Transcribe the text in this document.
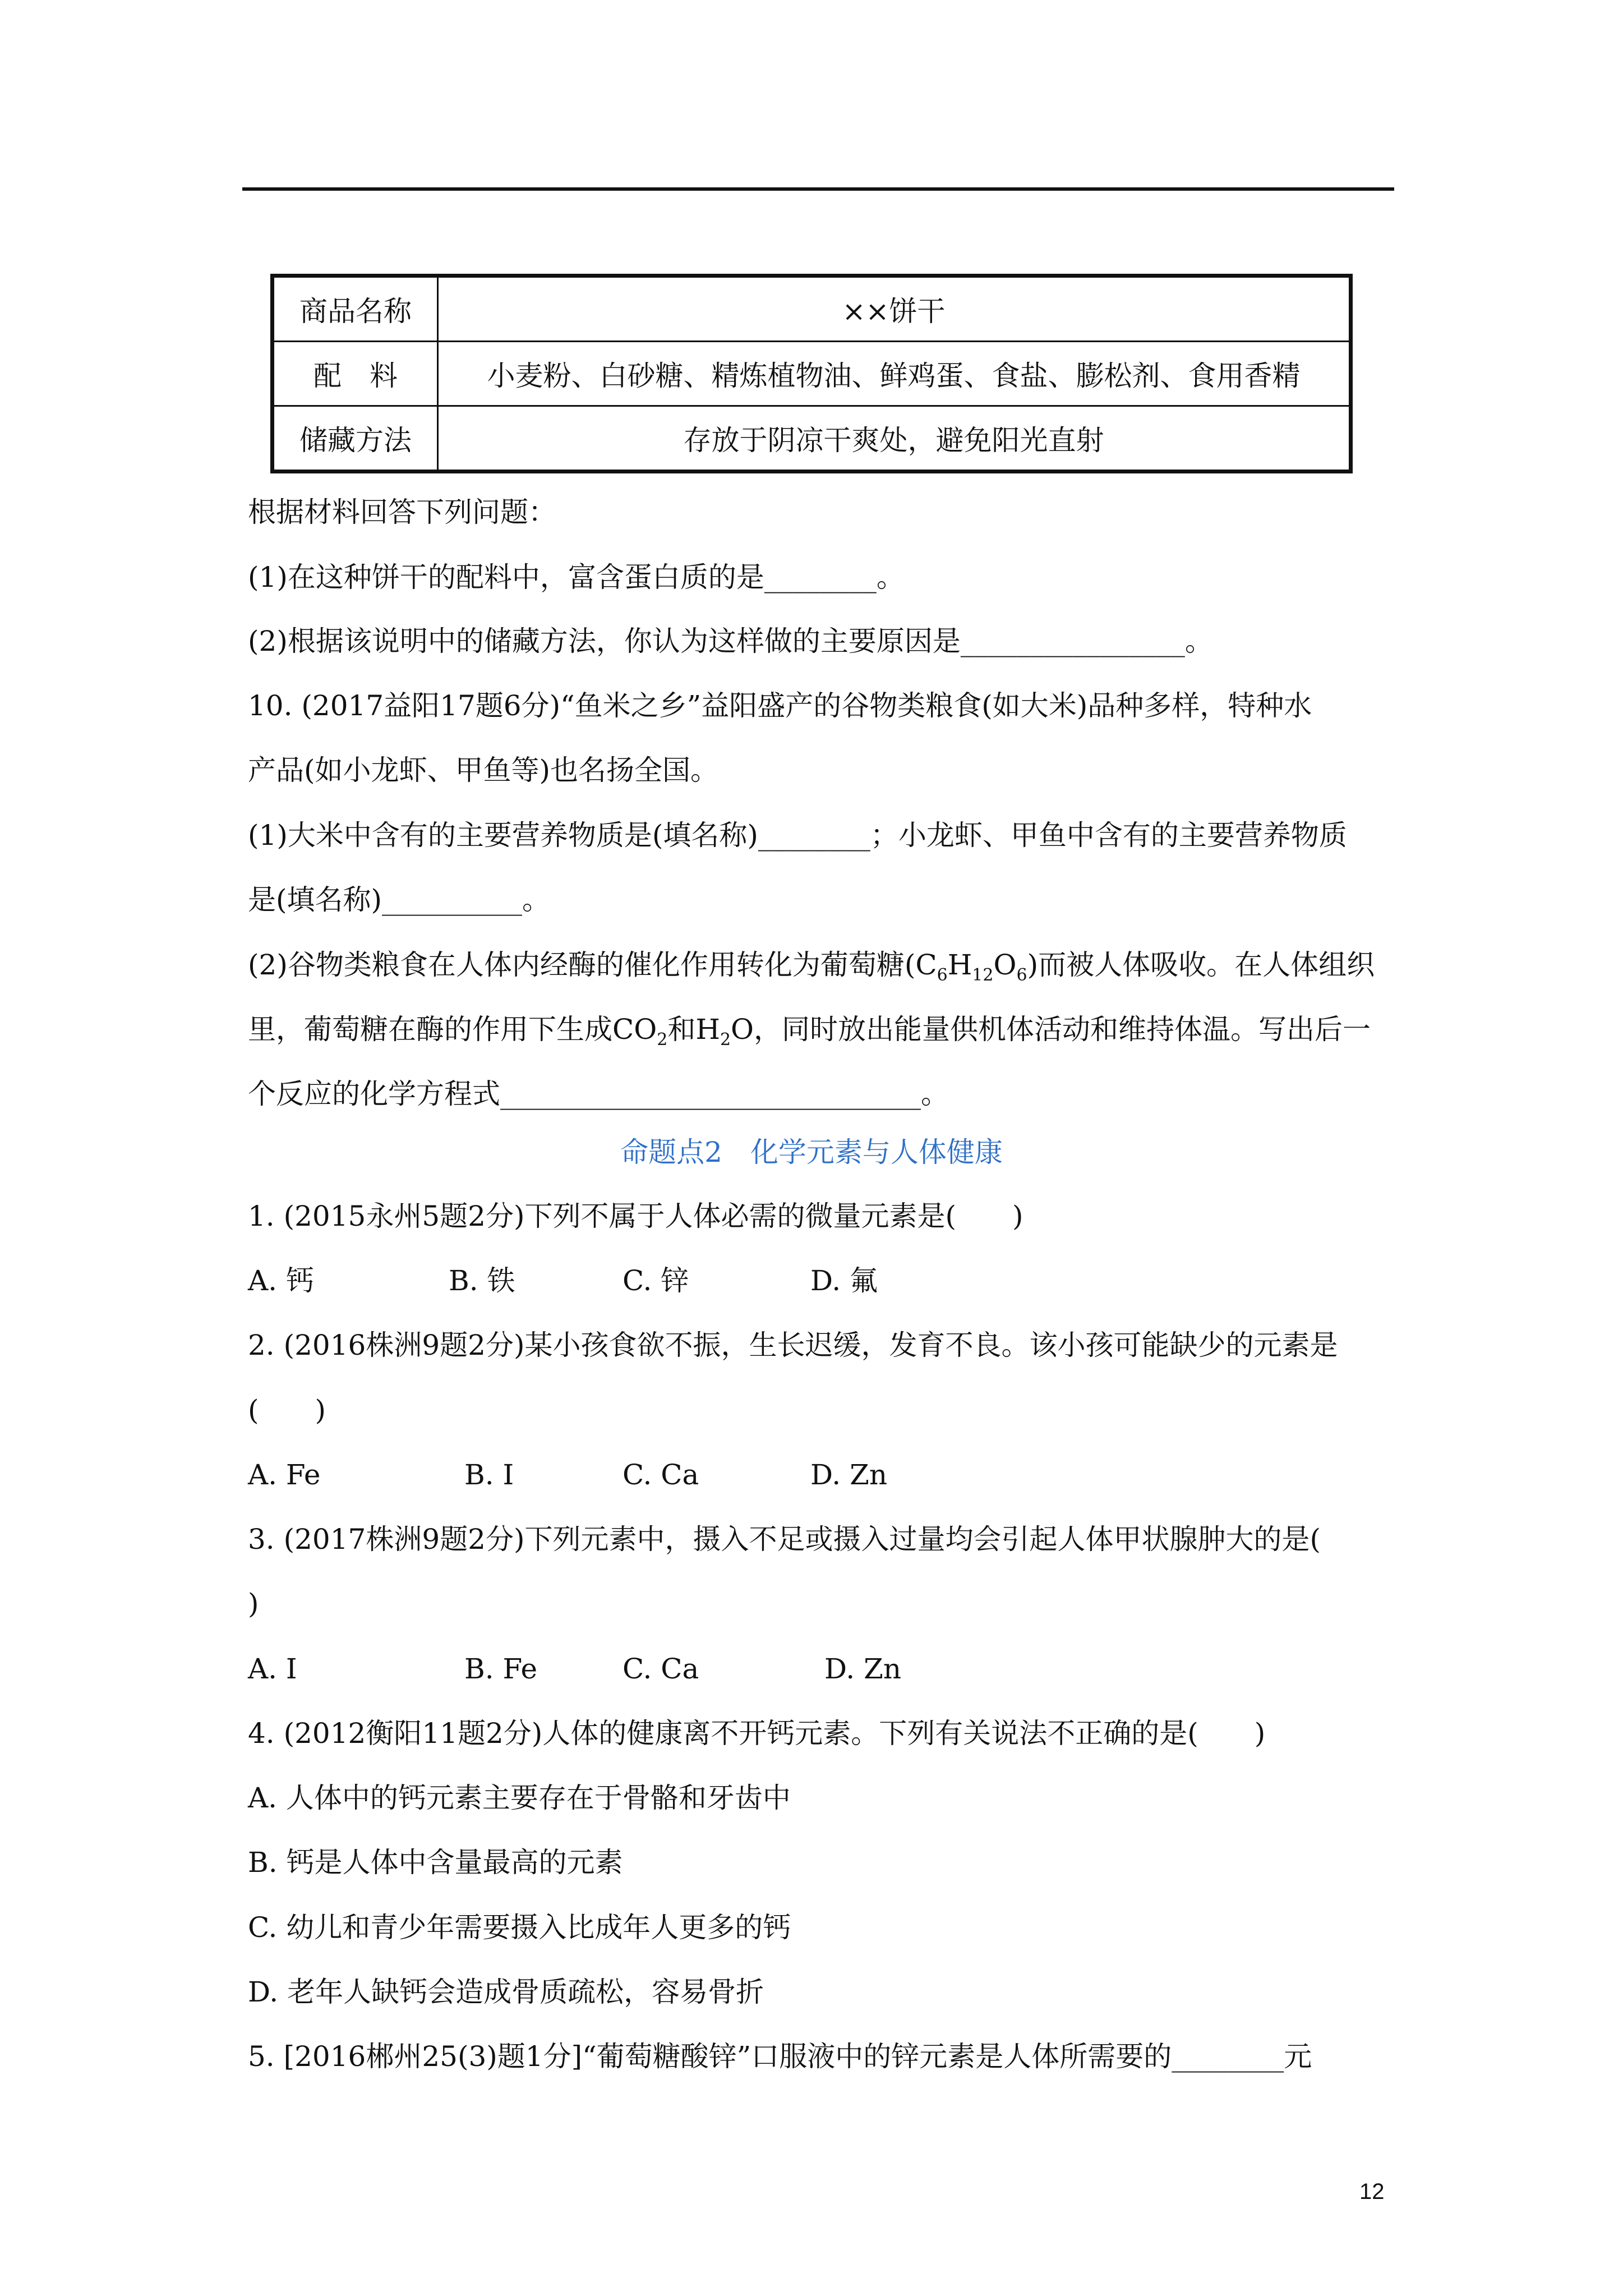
商品名称	××饼干
配　料	小麦粉、白砂糖、精炼植物油、鲜鸡蛋、食盐、膨松剂、食用香精
储藏方法	存放于阴凉干爽处，避免阳光直射
根据材料回答下列问题：
(1)在这种饼干的配料中，富含蛋白质的是________。
(2)根据该说明中的储藏方法，你认为这样做的主要原因是________________。
10. (2017益阳17题6分)“鱼米之乡”益阳盛产的谷物类粮食(如大米)品种多样，特种水
产品(如小龙虾、甲鱼等)也名扬全国。
(1)大米中含有的主要营养物质是(填名称)________；小龙虾、甲鱼中含有的主要营养物质
是(填名称)__________。
(2)谷物类粮食在人体内经酶的催化作用转化为葡萄糖$(C_6H_{12}O_6)$而被人体吸收。在人体组织
里，葡萄糖在酶的作用下生成$CO_2$和$H_2O$，同时放出能量供机体活动和维持体温。写出后一
个反应的化学方程式______________________________。
命题点2　化学元素与人体健康
1. (2015永州5题2分)下列不属于人体必需的微量元素是(　　)
A. 钙	B. 铁	C. 锌	D. 氟
2. (2016株洲9题2分)某小孩食欲不振，生长迟缓，发育不良。该小孩可能缺少的元素是
(　　)
A. Fe	B. I	C. Ca	D. Zn
3. (2017株洲9题2分)下列元素中，摄入不足或摄入过量均会引起人体甲状腺肿大的是(
)
A. I	B. Fe	C. Ca	D. Zn
4. (2012衡阳11题2分)人体的健康离不开钙元素。下列有关说法不正确的是(　　)
A. 人体中的钙元素主要存在于骨骼和牙齿中
B. 钙是人体中含量最高的元素
C. 幼儿和青少年需要摄入比成年人更多的钙
D. 老年人缺钙会造成骨质疏松，容易骨折
5. [2016郴州25(3)题1分]“葡萄糖酸锌”口服液中的锌元素是人体所需要的________元
12
